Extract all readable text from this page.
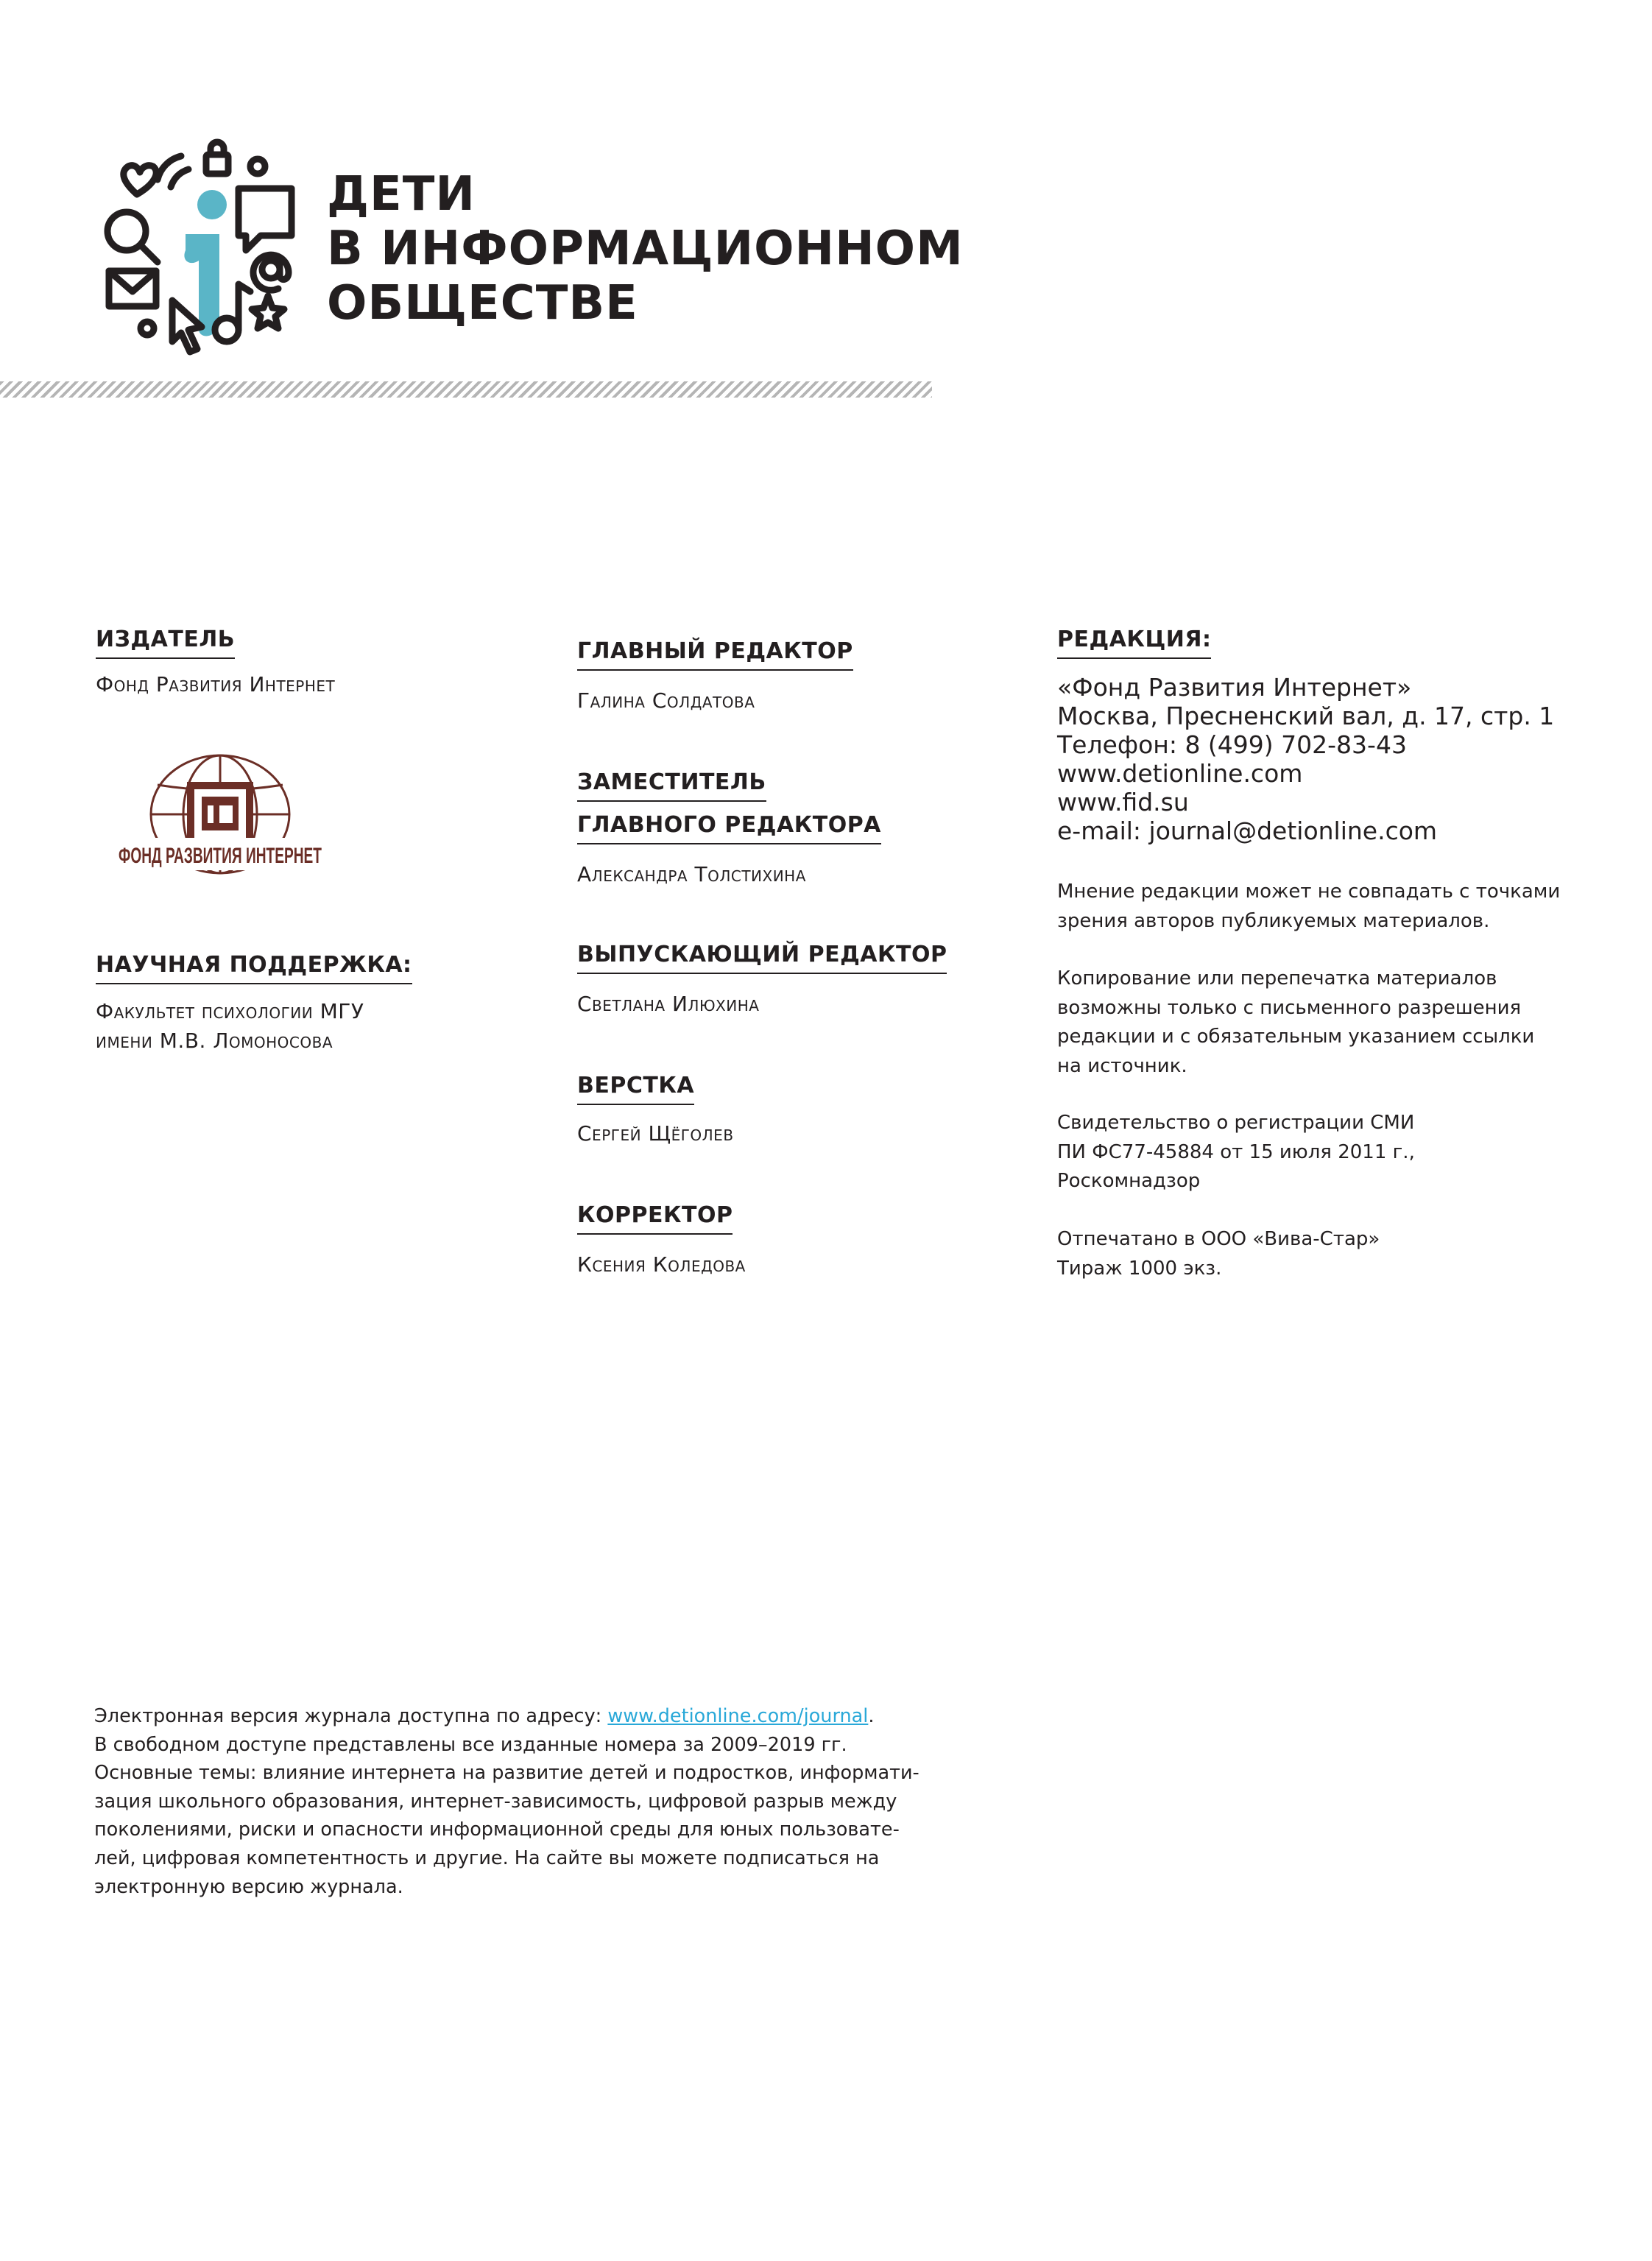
ДЕТИ
В ИНФОРМАЦИОННОМ
ОБЩЕСТВЕ
ИЗДАТЕЛЬ
Фонд Развития Интернет
ФОНД РАЗВИТИЯ ИНТЕРНЕТ
НАУЧНАЯ ПОДДЕРЖКА:
Факультет психологии МГУ
имени М.В. Ломоносова
ГЛАВНЫЙ РЕДАКТОР
Галина Солдатова
ЗАМЕСТИТЕЛЬ
ГЛАВНОГО РЕДАКТОРА
Александра Толстихина
ВЫПУСКАЮЩИЙ РЕДАКТОР
Светлана Илюхина
ВЕРСТКА
Сергей Щёголев
КОРРЕКТОР
Ксения Коледова
РЕДАКЦИЯ:
«Фонд Развития Интернет»
Москва, Пресненский вал, д. 17, стр. 1
Телефон: 8 (499) 702-83-43
www.detionline.com
www.fid.su
e-mail: journal@detionline.com
Мнение редакции может не совпадать с точками
зрения авторов публикуемых материалов.
Копирование или перепечатка материалов
возможны только с письменного разрешения
редакции и с обязательным указанием ссылки
на источник.
Свидетельство о регистрации СМИ
ПИ ФС77-45884 от 15 июля 2011 г.,
Роскомнадзор
Отпечатано в ООО «Вива-Стар»
Тираж 1000 экз.
Электронная версия журнала доступна по адресу: www.detionline.com/journal.
В свободном доступе представлены все изданные номера за 2009–2019 гг.
Основные темы: влияние интернета на развитие детей и подростков, информати-
зация школьного образования, интернет-зависимость, цифровой разрыв между
поколениями, риски и опасности информационной среды для юных пользовате-
лей, цифровая компетентность и другие. На сайте вы можете подписаться на
электронную версию журнала.
